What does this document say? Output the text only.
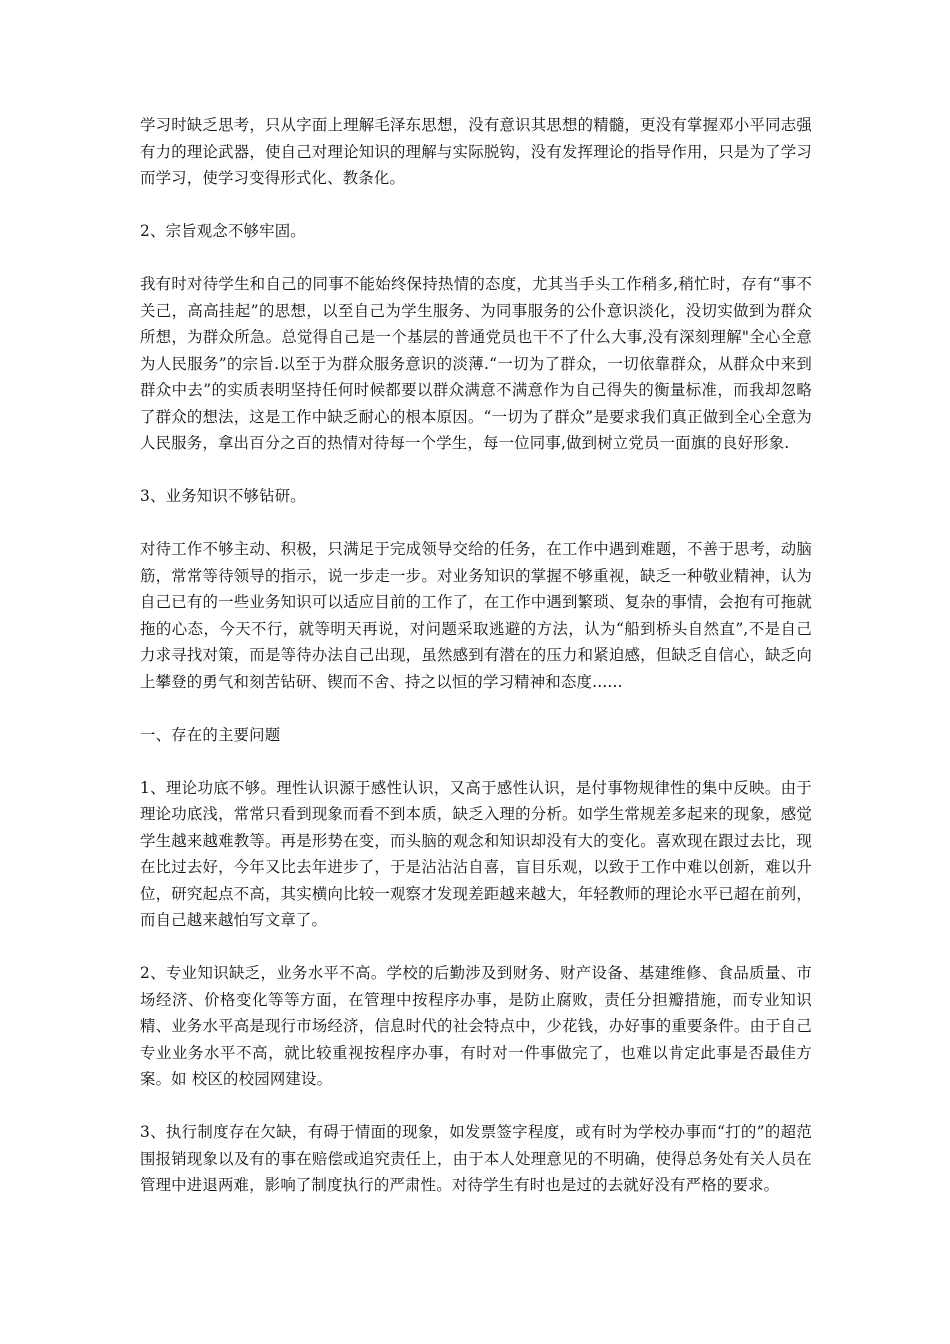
学习时缺乏思考，只从字面上理解毛泽东思想，没有意识其思想的精髓，更没有掌握邓小平同志强有力的理论武器，使自己对理论知识的理解与实际脱钩，没有发挥理论的指导作用，只是为了学习而学习，使学习变得形式化、教条化。

2、宗旨观念不够牢固。

我有时对待学生和自己的同事不能始终保持热情的态度，尤其当手头工作稍多,稍忙时，存有“事不关己，高高挂起”的思想，以至自己为学生服务、为同事服务的公仆意识淡化，没切实做到为群众所想，为群众所急。总觉得自己是一个基层的普通党员也干不了什么大事,没有深刻理解"全心全意为人民服务”的宗旨.以至于为群众服务意识的淡薄.“一切为了群众，一切依靠群众，从群众中来到群众中去”的实质表明坚持任何时候都要以群众满意不满意作为自己得失的衡量标准，而我却忽略了群众的想法，这是工作中缺乏耐心的根本原因。“一切为了群众”是要求我们真正做到全心全意为人民服务，拿出百分之百的热情对待每一个学生，每一位同事,做到树立党员一面旗的良好形象.

3、业务知识不够钻研。

对待工作不够主动、积极，只满足于完成领导交给的任务，在工作中遇到难题，不善于思考，动脑筋，常常等待领导的指示，说一步走一步。对业务知识的掌握不够重视，缺乏一种敬业精神，认为自己已有的一些业务知识可以适应目前的工作了，在工作中遇到繁琐、复杂的事情，会抱有可拖就拖的心态，今天不行，就等明天再说，对问题采取逃避的方法，认为“船到桥头自然直”,不是自己力求寻找对策，而是等待办法自己出现，虽然感到有潜在的压力和紧迫感，但缺乏自信心，缺乏向上攀登的勇气和刻苦钻研、锲而不舍、持之以恒的学习精神和态度......

一、存在的主要问题

1、理论功底不够。理性认识源于感性认识，又高于感性认识，是付事物规律性的集中反映。由于理论功底浅，常常只看到现象而看不到本质，缺乏入理的分析。如学生常规差多起来的现象，感觉学生越来越难教等。再是形势在变，而头脑的观念和知识却没有大的变化。喜欢现在跟过去比，现在比过去好，今年又比去年进步了，于是沾沾沾自喜，盲目乐观，以致于工作中难以创新，难以升位，研究起点不高，其实横向比较一观察才发现差距越来越大，年轻教师的理论水平已超在前列，而自己越来越怕写文章了。

2、专业知识缺乏，业务水平不高。学校的后勤涉及到财务、财产设备、基建维修、食品质量、市场经济、价格变化等等方面，在管理中按程序办事，是防止腐败，责任分担瓣措施，而专业知识精、业务水平高是现行市场经济，信息时代的社会特点中，少花钱，办好事的重要条件。由于自己专业业务水平不高，就比较重视按程序办事，有时对一件事做完了，也难以肯定此事是否最佳方案。如 校区的校园网建设。

3、执行制度存在欠缺，有碍于情面的现象，如发票签字程度，或有时为学校办事而“打的”的超范围报销现象以及有的事在赔偿或追究责任上，由于本人处理意见的不明确，使得总务处有关人员在管理中进退两难，影响了制度执行的严肃性。对待学生有时也是过的去就好没有严格的要求。
